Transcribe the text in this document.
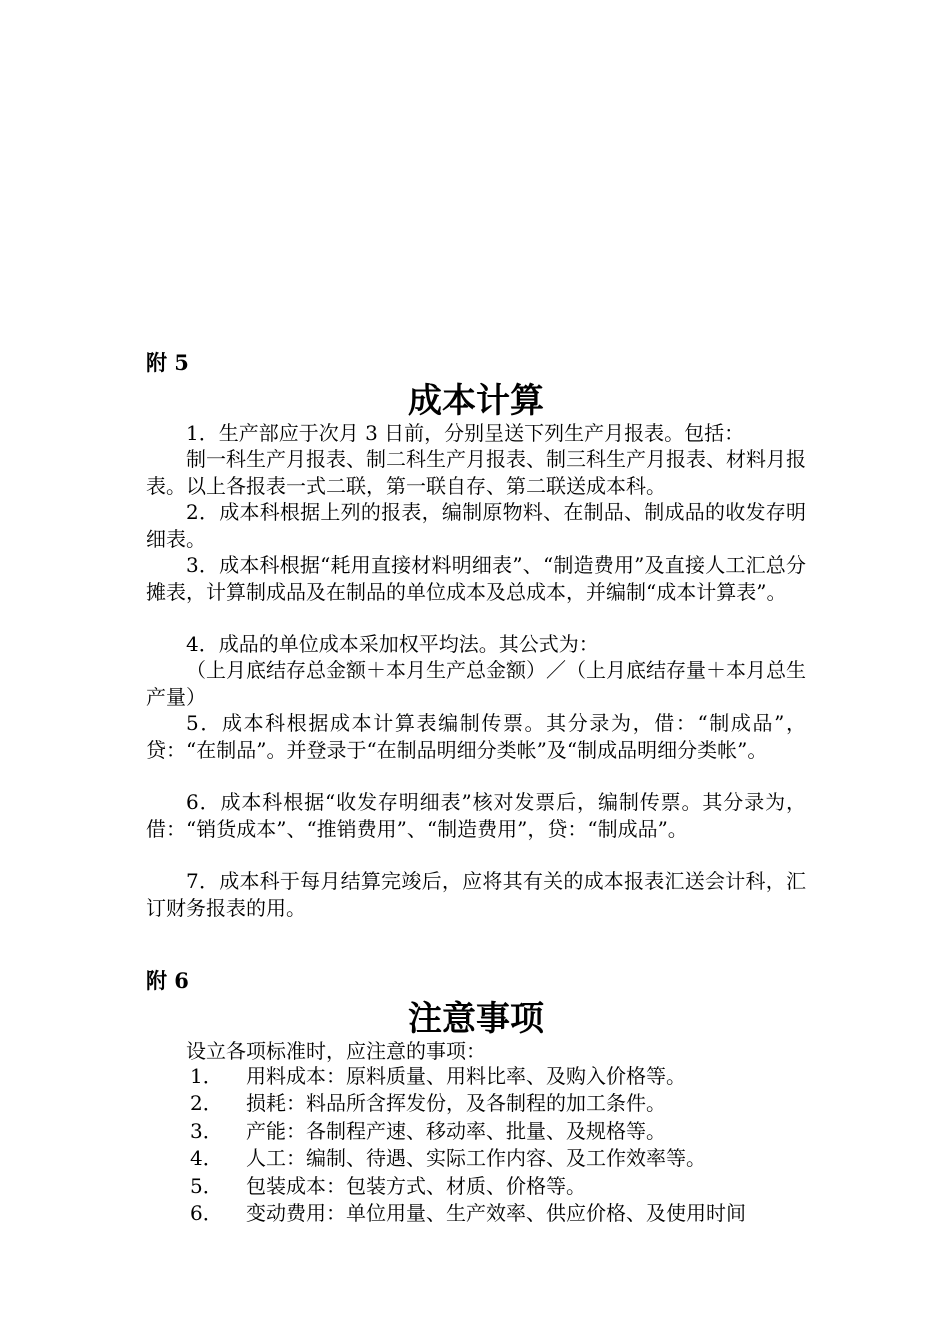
附 5
成本计算

1．生产部应于次月 3 日前，分别呈送下列生产月报表。包括：

制一科生产月报表、制二科生产月报表、制三科生产月报表、材料月报表。以上各报表一式二联，第一联自存、第二联送成本科。

2．成本科根据上列的报表，编制原物料、在制品、制成品的收发存明细表。

3．成本科根据“耗用直接材料明细表”、“制造费用”及直接人工汇总分摊表，计算制成品及在制品的单位成本及总成本，并编制“成本计算表”。

4．成品的单位成本采加权平均法。其公式为：

（上月底结存总金额＋本月生产总金额）／（上月底结存量＋本月总生产量）

5．成本科根据成本计算表编制传票。其分录为，借：“制成品”，贷：“在制品”。并登录于“在制品明细分类帐”及“制成品明细分类帐”。

6．成本科根据“收发存明细表”核对发票后，编制传票。其分录为，借：“销货成本”、“推销费用”、“制造费用”，贷：“制成品”。

7．成本科于每月结算完竣后，应将其有关的成本报表汇送会计科，汇订财务报表的用。

附 6
注意事项

设立各项标准时，应注意的事项：

1． 用料成本：原料质量、用料比率、及购入价格等。
2． 损耗：料品所含挥发份，及各制程的加工条件。
3． 产能：各制程产速、移动率、批量、及规格等。
4． 人工：编制、待遇、实际工作内容、及工作效率等。
5． 包装成本：包装方式、材质、价格等。
6． 变动费用：单位用量、生产效率、供应价格、及使用时间
